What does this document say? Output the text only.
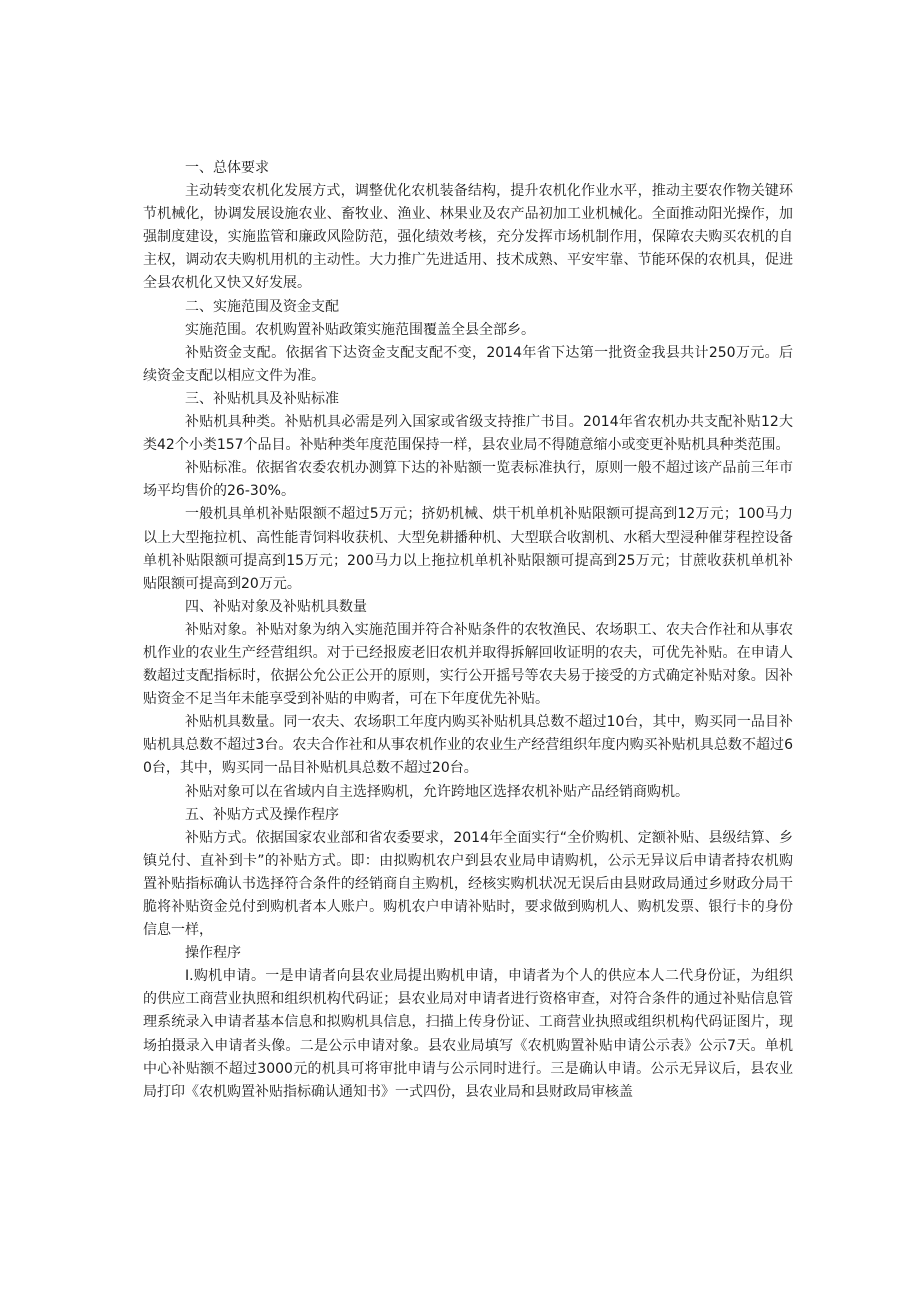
一、总体要求

主动转变农机化发展方式，调整优化农机装备结构，提升农机化作业水平，推动主要农作物关键环节机械化，协调发展设施农业、畜牧业、渔业、林果业及农产品初加工业机械化。全面推动阳光操作，加强制度建设，实施监管和廉政风险防范，强化绩效考核，充分发挥市场机制作用，保障农夫购买农机的自主权，调动农夫购机用机的主动性。大力推广先进适用、技术成熟、平安牢靠、节能环保的农机具，促进全县农机化又快又好发展。

二、实施范围及资金支配

实施范围。农机购置补贴政策实施范围覆盖全县全部乡。

补贴资金支配。依据省下达资金支配支配不变，2014年省下达第一批资金我县共计250万元。后续资金支配以相应文件为准。

三、补贴机具及补贴标准

补贴机具种类。补贴机具必需是列入国家或省级支持推广书目。2014年省农机办共支配补贴12大类42个小类157个品目。补贴种类年度范围保持一样，县农业局不得随意缩小或变更补贴机具种类范围。

补贴标准。依据省农委农机办测算下达的补贴额一览表标准执行，原则一般不超过该产品前三年市场平均售价的26-30%。

一般机具单机补贴限额不超过5万元；挤奶机械、烘干机单机补贴限额可提高到12万元；100马力以上大型拖拉机、高性能青饲料收获机、大型免耕播种机、大型联合收割机、水稻大型浸种催芽程控设备单机补贴限额可提高到15万元；200马力以上拖拉机单机补贴限额可提高到25万元；甘蔗收获机单机补贴限额可提高到20万元。

四、补贴对象及补贴机具数量

补贴对象。补贴对象为纳入实施范围并符合补贴条件的农牧渔民、农场职工、农夫合作社和从事农机作业的农业生产经营组织。对于已经报废老旧农机并取得拆解回收证明的农夫，可优先补贴。在申请人数超过支配指标时，依据公允公正公开的原则，实行公开摇号等农夫易于接受的方式确定补贴对象。因补贴资金不足当年未能享受到补贴的申购者，可在下年度优先补贴。

补贴机具数量。同一农夫、农场职工年度内购买补贴机具总数不超过10台，其中，购买同一品目补贴机具总数不超过3台。农夫合作社和从事农机作业的农业生产经营组织年度内购买补贴机具总数不超过60台，其中，购买同一品目补贴机具总数不超过20台。

补贴对象可以在省域内自主选择购机，允许跨地区选择农机补贴产品经销商购机。

五、补贴方式及操作程序

补贴方式。依据国家农业部和省农委要求，2014年全面实行“全价购机、定额补贴、县级结算、乡镇兑付、直补到卡”的补贴方式。即：由拟购机农户到县农业局申请购机，公示无异议后申请者持农机购置补贴指标确认书选择符合条件的经销商自主购机，经核实购机状况无误后由县财政局通过乡财政分局干脆将补贴资金兑付到购机者本人账户。购机农户申请补贴时，要求做到购机人、购机发票、银行卡的身份信息一样，

操作程序

I.购机申请。一是申请者向县农业局提出购机申请，申请者为个人的供应本人二代身份证，为组织的供应工商营业执照和组织机构代码证；县农业局对申请者进行资格审查，对符合条件的通过补贴信息管理系统录入申请者基本信息和拟购机具信息，扫描上传身份证、工商营业执照或组织机构代码证图片，现场拍摄录入申请者头像。二是公示申请对象。县农业局填写《农机购置补贴申请公示表》公示7天。单机中心补贴额不超过3000元的机具可将审批申请与公示同时进行。三是确认申请。公示无异议后，县农业局打印《农机购置补贴指标确认通知书》一式四份，县农业局和县财政局审核盖
